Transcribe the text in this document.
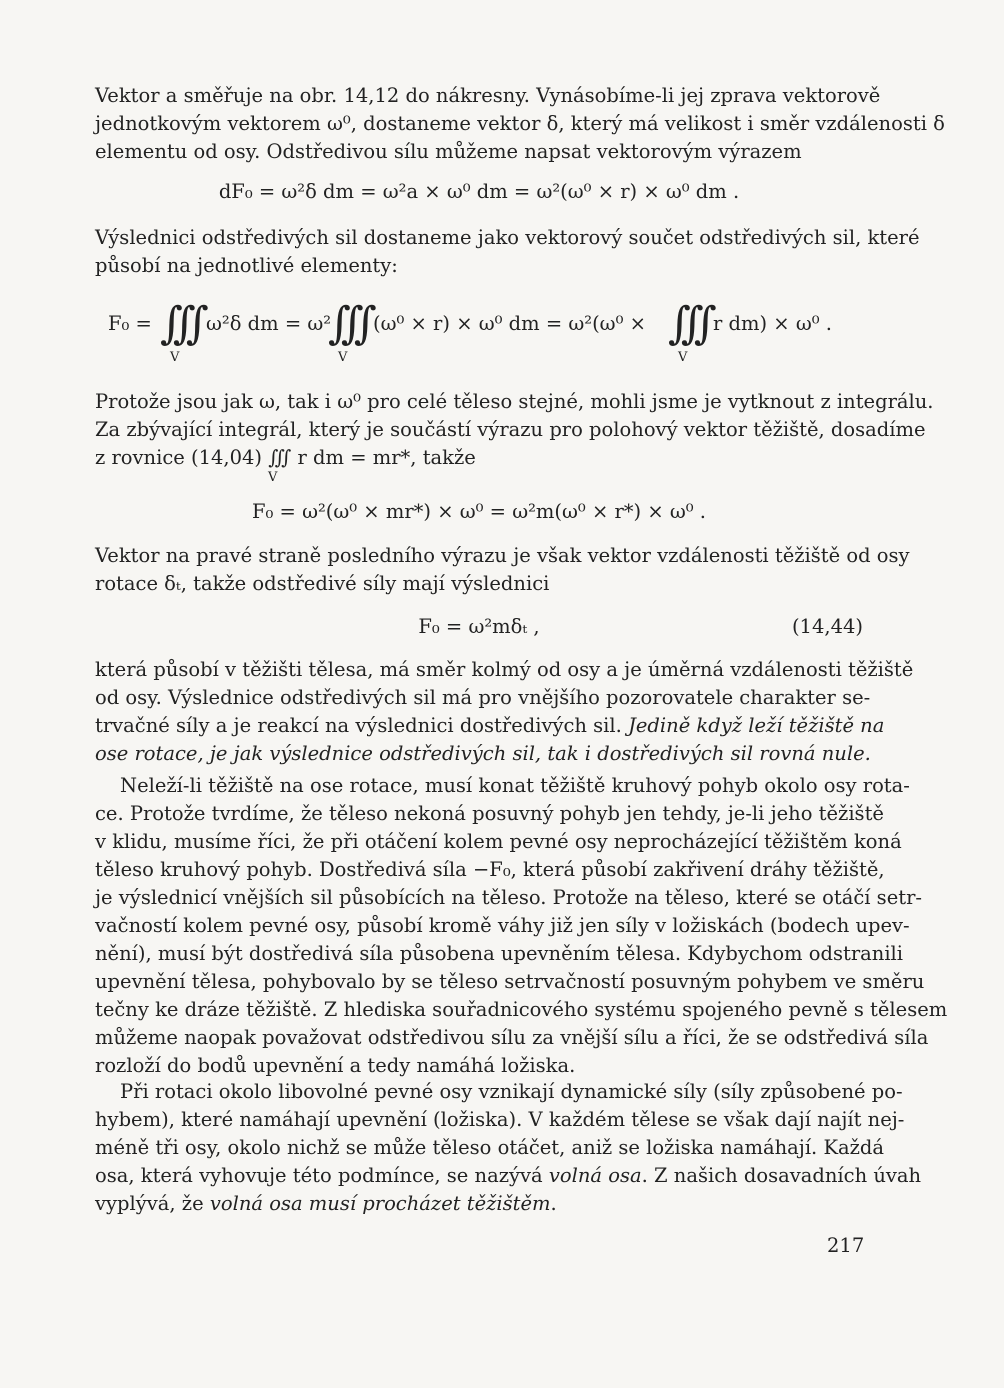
Vektor a směřuje na obr. 14,12 do nákresny. Vynásobíme-li jej zprava vektorově
jednotkovým vektorem ω⁰, dostaneme vektor δ, který má velikost i směr vzdálenosti δ
elementu od osy. Odstředivou sílu můžeme napsat vektorovým výrazem

dF₀ = ω²δ dm = ω²a × ω⁰ dm = ω²(ω⁰ × r) × ω⁰ dm .

Výslednici odstředivých sil dostaneme jako vektorový součet odstředivých sil, které
působí na jednotlivé elementy:

F₀ = ∫∫∫
V
ω²δ dm = ω²
∫∫∫
V
(ω⁰ × r) × ω⁰ dm = ω²(ω⁰ × ∫∫∫
V
r dm) × ω⁰ .

Protože jsou jak ω, tak i ω⁰ pro celé těleso stejné, mohli jsme je vytknout z integrálu.
Za zbývající integrál, který je součástí výrazu pro polohový vektor těžiště, dosadíme
z rovnice (14,04) ∭ r dm = mr*, takže

V
F₀ = ω²(ω⁰ × mr*) × ω⁰ = ω²m(ω⁰ × r*) × ω⁰ .

Vektor na pravé straně posledního výrazu je však vektor vzdálenosti těžiště od osy
rotace δₜ, takže odstředivé síly mají výslednici

F₀ = ω²mδₜ ,	(14,44)

která působí v těžišti tělesa, má směr kolmý od osy a je úměrná vzdálenosti těžiště
od osy. Výslednice odstředivých sil má pro vnějšího pozorovatele charakter se-
trvačné síly a je reakcí na výslednici dostředivých sil. Jedině když leží těžiště na
ose rotace, je jak výslednice odstředivých sil, tak i dostředivých sil rovná nule.

Neleží-li těžiště na ose rotace, musí konat těžiště kruhový pohyb okolo osy rota-
ce. Protože tvrdíme, že těleso nekoná posuvný pohyb jen tehdy, je-li jeho těžiště
v klidu, musíme říci, že při otáčení kolem pevné osy neprocházející těžištěm koná
těleso kruhový pohyb. Dostředivá síla −F₀, která působí zakřivení dráhy těžiště,
je výslednicí vnějších sil působících na těleso. Protože na těleso, které se otáčí setr-
vačností kolem pevné osy, působí kromě váhy již jen síly v ložiskách (bodech upev-
nění), musí být dostředivá síla působena upevněním tělesa. Kdybychom odstranili
upevnění tělesa, pohybovalo by se těleso setrvačností posuvným pohybem ve směru
tečny ke dráze těžiště. Z hlediska souřadnicového systému spojeného pevně s tělesem
můžeme naopak považovat odstředivou sílu za vnější sílu a říci, že se odstředivá síla
rozloží do bodů upevnění a tedy namáhá ložiska.

Při rotaci okolo libovolné pevné osy vznikají dynamické síly (síly způsobené po-
hybem), které namáhají upevnění (ložiska). V každém tělese se však dají najít nej-
méně tři osy, okolo nichž se může těleso otáčet, aniž se ložiska namáhají. Každá
osa, která vyhovuje této podmínce, se nazývá volná osa. Z našich dosavadních úvah
vyplývá, že volná osa musí procházet těžištěm.

217
